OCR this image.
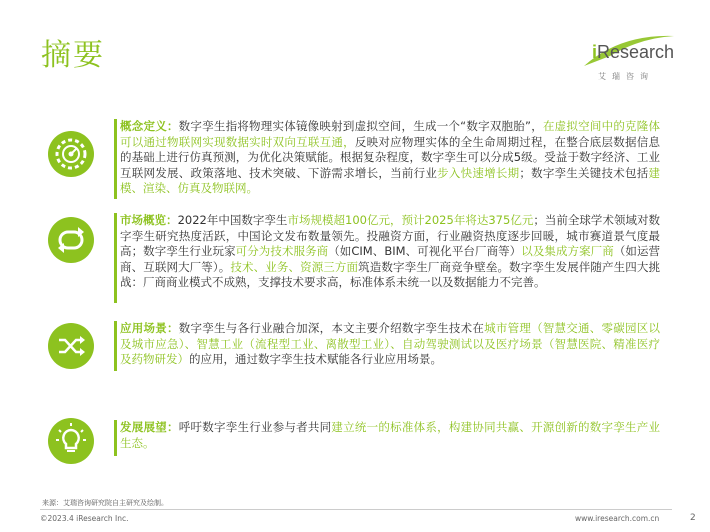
摘要	iResearch
艾瑞咨询
概念定义：数字孪生指将物理实体镜像映射到虚拟空间，生成一个“数字双胞胎”，在虚拟空间中的克隆体可以通过物联网实现数据实时双向互联互通，反映对应物理实体的全生命周期过程，在整合底层数据信息的基础上进行仿真预测，为优化决策赋能。根据复杂程度，数字孪生可以分成5级。受益于数字经济、工业互联网发展、政策落地、技术突破、下游需求增长，当前行业步入快速增长期；数字孪生关键技术包括建模、渲染、仿真及物联网。
市场概览：2022年中国数字孪生市场规模超100亿元，预计2025年将达375亿元；当前全球学术领域对数字孪生研究热度活跃，中国论文发布数量领先。投融资方面，行业融资热度逐步回暖，城市赛道景气度最高；数字孪生行业玩家可分为技术服务商（如CIM、BIM、可视化平台厂商等）以及集成方案厂商（如运营商、互联网大厂等）。技术、业务、资源三方面筑造数字孪生厂商竞争壁垒。数字孪生发展伴随产生四大挑战：厂商商业模式不成熟，支撑技术要求高，标准体系未统一以及数据能力不完善。
应用场景：数字孪生与各行业融合加深，本文主要介绍数字孪生技术在城市管理（智慧交通、零碳园区以及城市应急）、智慧工业（流程型工业、离散型工业）、自动驾驶测试以及医疗场景（智慧医院、精准医疗及药物研发）的应用，通过数字孪生技术赋能各行业应用场景。
发展展望：呼吁数字孪生行业参与者共同建立统一的标准体系，构建协同共赢、开源创新的数字孪生产业生态。
来源：艾瑞咨询研究院自主研究及绘制。
©2023.4 iResearch Inc.	www.iresearch.com.cn	2
